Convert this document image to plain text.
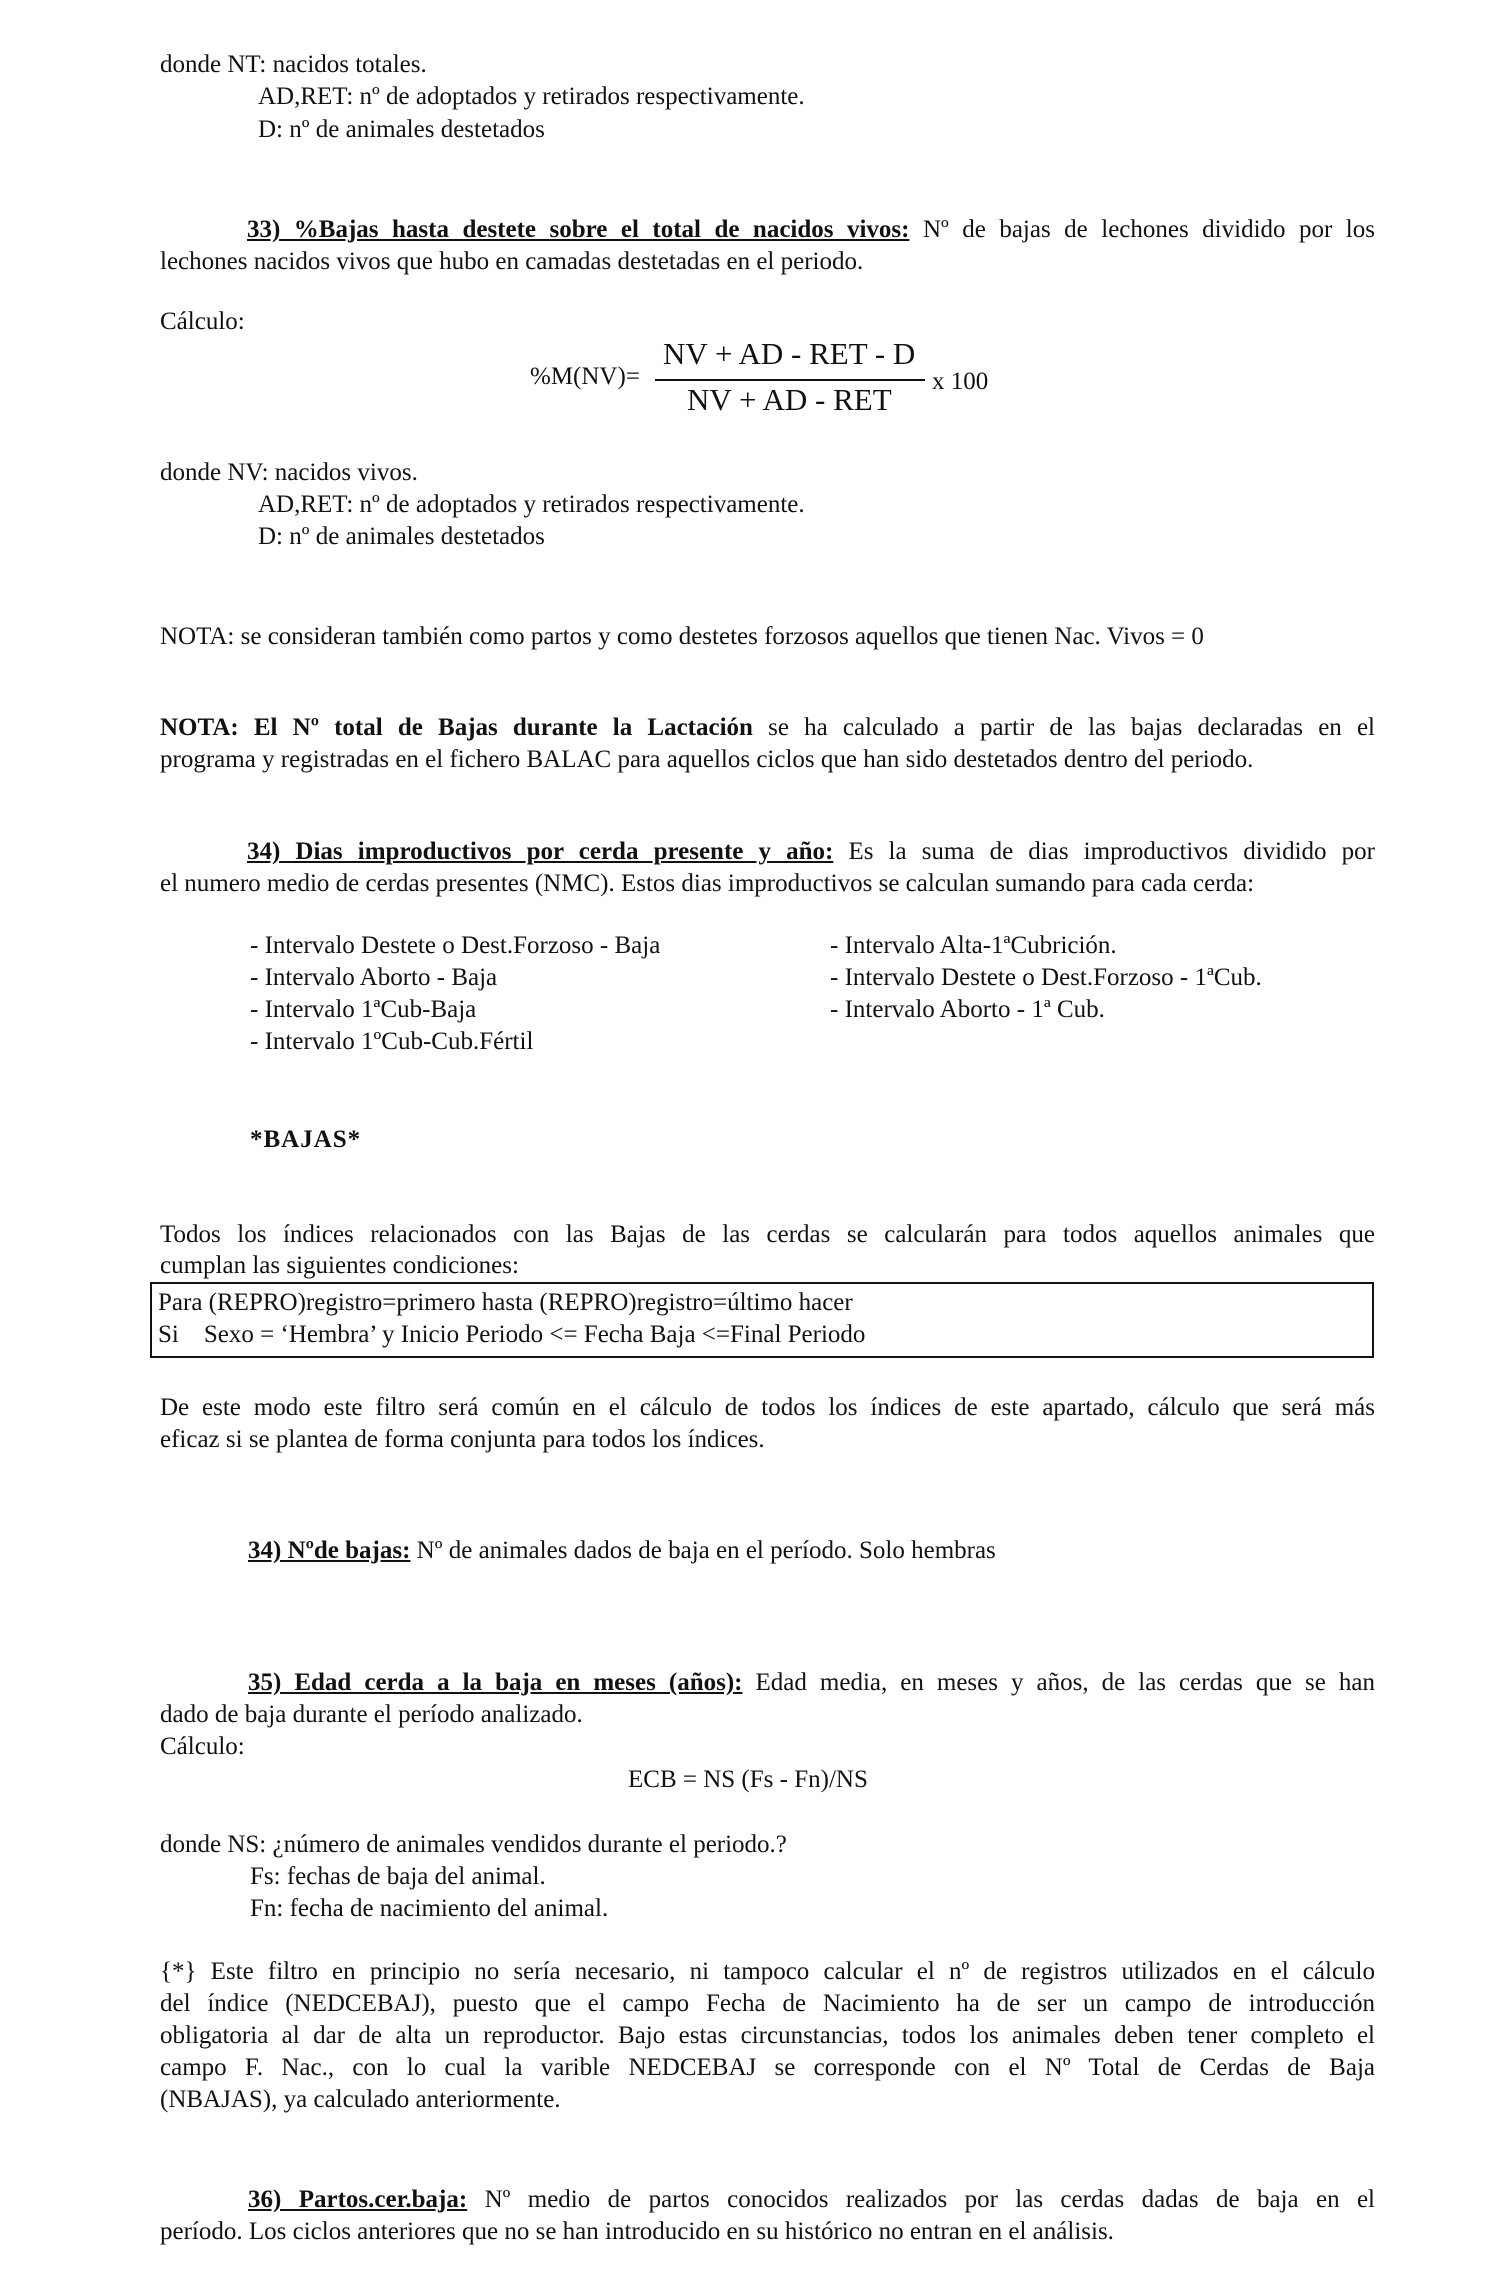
donde NT: nacidos totales.
AD,RET: nº de adoptados y retirados respectivamente.
D: nº de animales destetados
33) %Bajas hasta destete sobre el total de nacidos vivos: Nº de bajas de lechones dividido por los
lechones nacidos vivos que hubo en camadas destetadas en el periodo.
Cálculo:
%M(NV)=
NV + AD - RET - D
NV + AD - RET
x 100
donde NV: nacidos vivos.
AD,RET: nº de adoptados y retirados respectivamente.
D: nº de animales destetados
NOTA: se consideran también como partos y como destetes forzosos aquellos que tienen Nac. Vivos = 0
NOTA: El Nº total de Bajas durante la Lactación se ha calculado a partir de las bajas declaradas en el
programa y registradas en el fichero BALAC para aquellos ciclos que han sido destetados dentro del periodo.
34) Dias improductivos por cerda presente y año: Es la suma de dias improductivos dividido por
el numero medio de cerdas presentes (NMC). Estos dias improductivos se calculan sumando para cada cerda:
- Intervalo Destete o Dest.Forzoso - Baja
- Intervalo Aborto - Baja
- Intervalo 1ªCub-Baja
- Intervalo 1ºCub-Cub.Fértil
- Intervalo Alta-1ªCubrición.
- Intervalo Destete o Dest.Forzoso - 1ªCub.
- Intervalo Aborto - 1ª Cub.
*BAJAS*
Todos los índices relacionados con las Bajas de las cerdas se calcularán para todos aquellos animales que
cumplan las siguientes condiciones:
Para (REPRO)registro=primero hasta (REPRO)registro=último hacer
Si    Sexo = ‘Hembra’ y Inicio Periodo <= Fecha Baja <=Final Periodo
De este modo este filtro será común en el cálculo de todos los índices de este apartado, cálculo que será más
eficaz si se plantea de forma conjunta para todos los índices.
34) Nºde bajas: Nº de animales dados de baja en el período. Solo hembras
35) Edad cerda a la baja en meses (años): Edad media, en meses y años, de las cerdas que se han
dado de baja durante el período analizado.
Cálculo:
ECB = NS (Fs - Fn)/NS
donde NS: ¿número de animales vendidos durante el periodo.?
Fs: fechas de baja del animal.
Fn: fecha de nacimiento del animal.
{*} Este filtro en principio no sería necesario, ni tampoco calcular el nº de registros utilizados en el cálculo
del índice (NEDCEBAJ), puesto que el campo Fecha de Nacimiento ha de ser un campo de introducción
obligatoria al dar de alta un reproductor. Bajo estas circunstancias, todos los animales deben tener completo el
campo F. Nac., con lo cual la varible NEDCEBAJ se corresponde con el Nº Total de Cerdas de Baja
(NBAJAS), ya calculado anteriormente.
36) Partos.cer.baja: Nº medio de partos conocidos realizados por las cerdas dadas de baja en el
período. Los ciclos anteriores que no se han introducido en su histórico no entran en el análisis.
